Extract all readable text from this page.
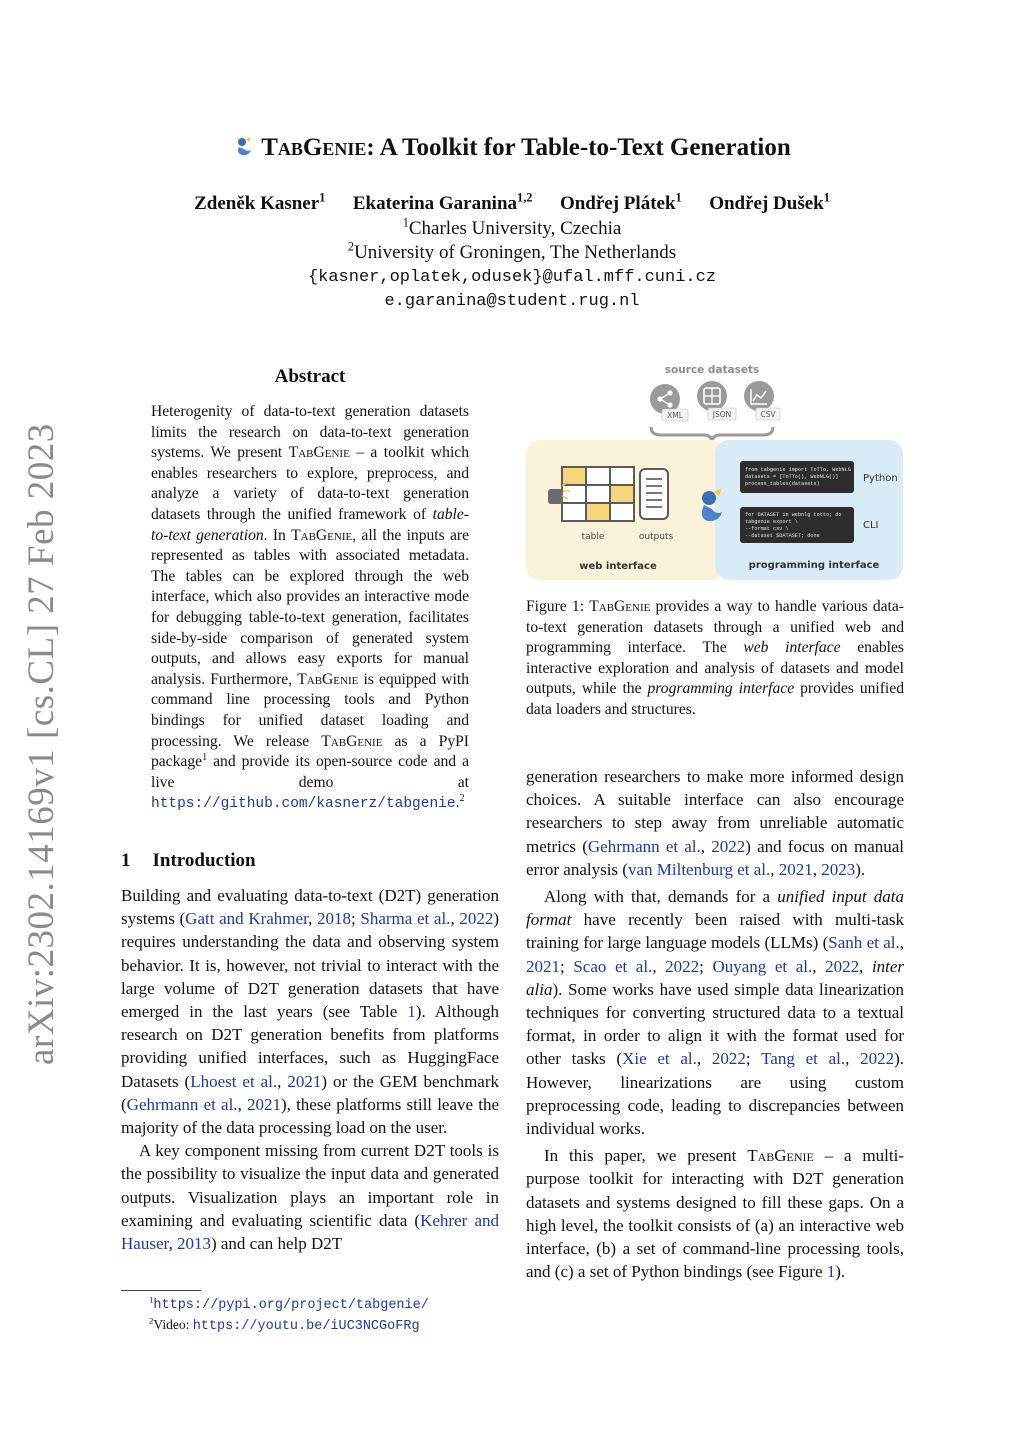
arXiv:2302.14169v1 [cs.CL] 27 Feb 2023
TabGenie: A Toolkit for Table-to-Text Generation
Zdeněk Kasner$^1$ Ekaterina Garanina$^{1,2}$ Ondřej Plátek$^1$ Ondřej Dušek$^1$
$^1$Charles University, Czechia
$^2$University of Groningen, The Netherlands
{kasner,oplatek,odusek}@ufal.mff.cuni.cz
e.garanina@student.rug.nl
Abstract
Heterogenity of data-to-text generation datasets limits the research on data-to-text generation systems. We present TabGenie – a toolkit which enables researchers to explore, preprocess, and analyze a variety of data-to-text generation datasets through the unified framework of table-to-text generation. In TabGenie, all the inputs are represented as tables with associated metadata. The tables can be explored through the web interface, which also provides an interactive mode for debugging table-to-text generation, facilitates side-by-side comparison of generated system outputs, and allows easy exports for manual analysis. Furthermore, TabGenie is equipped with command line processing tools and Python bindings for unified dataset loading and processing. We release TabGenie as a PyPI package$^1$ and provide its open-source code and a live demo at https://github.com/kasnerz/tabgenie.$^2$
1 Introduction
Building and evaluating data-to-text (D2T) generation systems (Gatt and Krahmer, 2018; Sharma et al., 2022) requires understanding the data and observing system behavior. It is, however, not trivial to interact with the large volume of D2T generation datasets that have emerged in the last years (see Table 1). Although research on D2T generation benefits from platforms providing unified interfaces, such as HuggingFace Datasets (Lhoest et al., 2021) or the GEM benchmark (Gehrmann et al., 2021), these platforms still leave the majority of the data processing load on the user.
A key component missing from current D2T tools is the possibility to visualize the input data and generated outputs. Visualization plays an important role in examining and evaluating scientific data (Kehrer and Hauser, 2013) and can help D2T
$^1$https://pypi.org/project/tabgenie/
$^2$Video: https://youtu.be/iUC3NCGoFRg
source datasets
XML	JSON	CSV
table	outputs
web interface
from tabgenie import ToTTo, WebNLG datasets = [ToTTo(), WebNLG()] process_tables(datasets)	Python
for DATASET in webnlg totto; do tabgenie export \ --format csv \ --dataset $DATASET; done
CLI
programming interface
Figure 1: TabGenie provides a way to handle various data-to-text generation datasets through a unified web and programming interface. The web interface enables interactive exploration and analysis of datasets and model outputs, while the programming interface provides unified data loaders and structures.
generation researchers to make more informed design choices. A suitable interface can also encourage researchers to step away from unreliable automatic metrics (Gehrmann et al., 2022) and focus on manual error analysis (van Miltenburg et al., 2021, 2023).
Along with that, demands for a unified input data format have recently been raised with multi-task training for large language models (LLMs) (Sanh et al., 2021; Scao et al., 2022; Ouyang et al., 2022, inter alia). Some works have used simple data linearization techniques for converting structured data to a textual format, in order to align it with the format used for other tasks (Xie et al., 2022; Tang et al., 2022). However, linearizations are using custom preprocessing code, leading to discrepancies between individual works.
In this paper, we present TabGenie – a multi-purpose toolkit for interacting with D2T generation datasets and systems designed to fill these gaps. On a high level, the toolkit consists of (a) an interactive web interface, (b) a set of command-line processing tools, and (c) a set of Python bindings (see Figure 1).
